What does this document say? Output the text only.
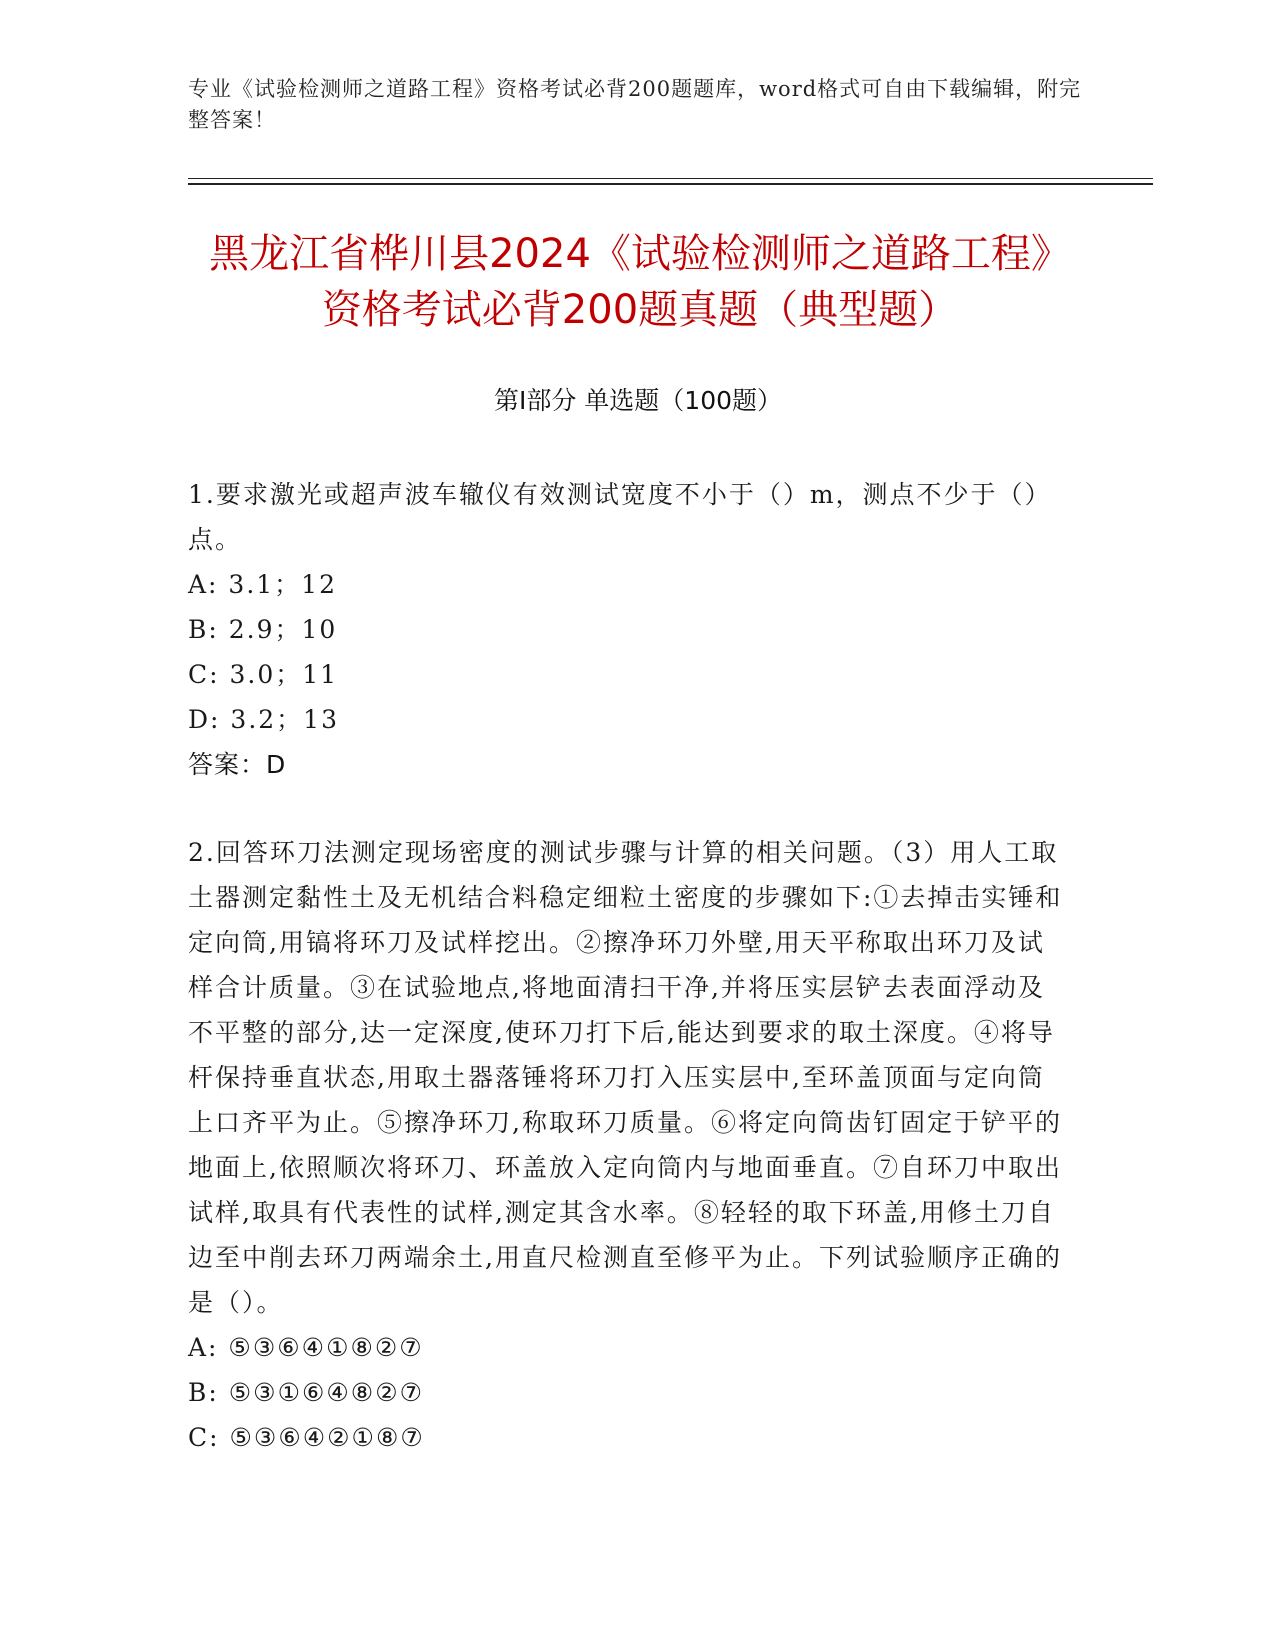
专业《试验检测师之道路工程》资格考试必背200题题库，word格式可自由下载编辑，附完整答案！
黑龙江省桦川县2024《试验检测师之道路工程》资格考试必背200题真题（典型题）
第I部分 单选题（100题）

1.要求激光或超声波车辙仪有效测试宽度不小于（）m，测点不少于（）点。

A: 3.1；12

B: 2.9；10

C: 3.0；11

D: 3.2；13

答案：D

2.回答环刀法测定现场密度的测试步骤与计算的相关问题。（3）用人工取土器测定黏性土及无机结合料稳定细粒土密度的步骤如下:①去掉击实锤和定向筒,用镐将环刀及试样挖出。②擦净环刀外壁,用天平称取出环刀及试样合计质量。③在试验地点,将地面清扫干净,并将压实层铲去表面浮动及不平整的部分,达一定深度,使环刀打下后,能达到要求的取土深度。④将导杆保持垂直状态,用取土器落锤将环刀打入压实层中,至环盖顶面与定向筒上口齐平为止。⑤擦净环刀,称取环刀质量。⑥将定向筒齿钉固定于铲平的地面上,依照顺次将环刀、环盖放入定向筒内与地面垂直。⑦自环刀中取出试样,取具有代表性的试样,测定其含水率。⑧轻轻的取下环盖,用修土刀自边至中削去环刀两端余土,用直尺检测直至修平为止。下列试验顺序正确的是（）。

A: ⑤③⑥④①⑧②⑦

B: ⑤③①⑥④⑧②⑦

C: ⑤③⑥④②①⑧⑦
